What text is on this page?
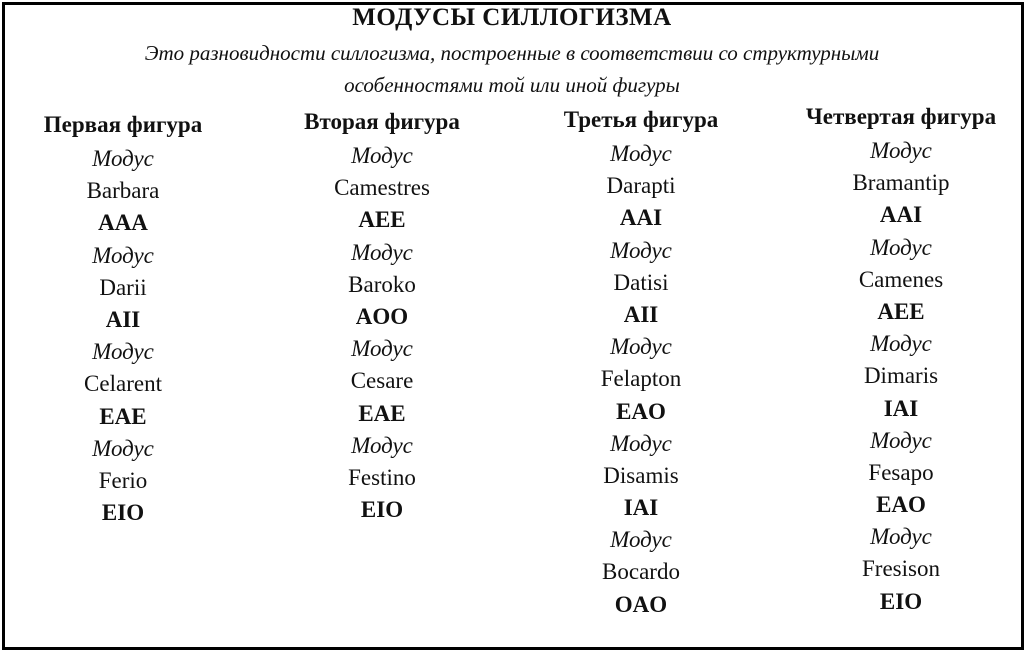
МОДУСЫ СИЛЛОГИЗМА
Это разновидности силлогизма, построенные в соответствии со структурными
особенностями той или иной фигуры
Первая фигура
Модус
Barbara
AAA
Модус
Darii
AII
Модус
Celarent
EAE
Модус
Ferio
EIO
Вторая фигура
Модус
Camestres
AEE
Модус
Baroko
AOO
Модус
Cesare
EAE
Модус
Festino
EIO
Третья фигура
Модус
Darapti
AAI
Модус
Datisi
AII
Модус
Felapton
EAO
Модус
Disamis
IAI
Модус
Bocardo
OAO
Четвертая фигура
Модус
Bramantip
AAI
Модус
Camenes
AEE
Модус
Dimaris
IAI
Модус
Fesapo
EAO
Модус
Fresison
EIO
